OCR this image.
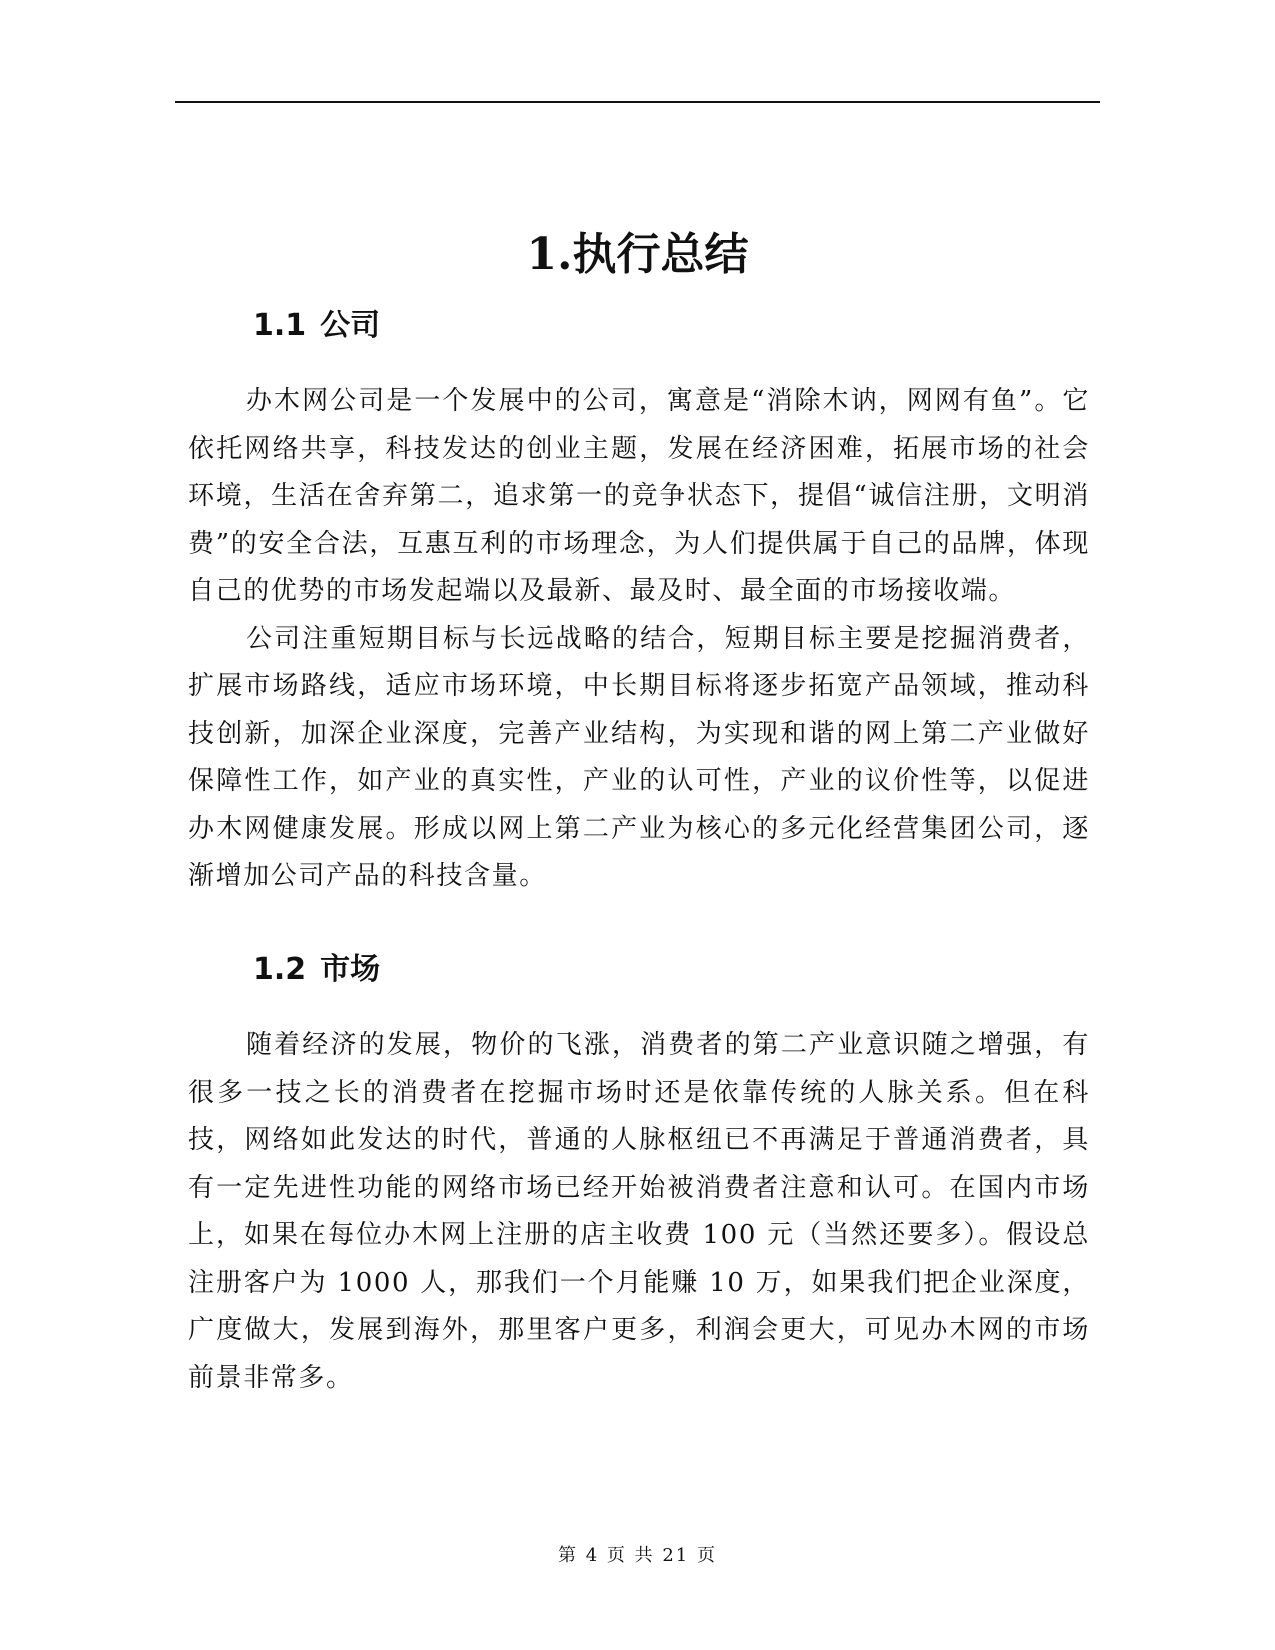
1.执行总结
1.1 公司

办木网公司是一个发展中的公司，寓意是“消除木讷，网网有鱼”。它依托网络共享，科技发达的创业主题，发展在经济困难，拓展市场的社会环境，生活在舍弃第二，追求第一的竞争状态下，提倡“诚信注册，文明消费”的安全合法，互惠互利的市场理念，为人们提供属于自己的品牌，体现自己的优势的市场发起端以及最新、最及时、最全面的市场接收端。

公司注重短期目标与长远战略的结合，短期目标主要是挖掘消费者，扩展市场路线，适应市场环境，中长期目标将逐步拓宽产品领域，推动科技创新，加深企业深度，完善产业结构，为实现和谐的网上第二产业做好保障性工作，如产业的真实性，产业的认可性，产业的议价性等，以促进办木网健康发展。形成以网上第二产业为核心的多元化经营集团公司，逐渐增加公司产品的科技含量。

1.2 市场

随着经济的发展，物价的飞涨，消费者的第二产业意识随之增强，有很多一技之长的消费者在挖掘市场时还是依靠传统的人脉关系。但在科技，网络如此发达的时代，普通的人脉枢纽已不再满足于普通消费者，具有一定先进性功能的网络市场已经开始被消费者注意和认可。在国内市场上，如果在每位办木网上注册的店主收费 100 元（当然还要多）。假设总注册客户为 1000 人，那我们一个月能赚 10 万，如果我们把企业深度，广度做大，发展到海外，那里客户更多，利润会更大，可见办木网的市场前景非常多。

第 4 页 共 21 页
